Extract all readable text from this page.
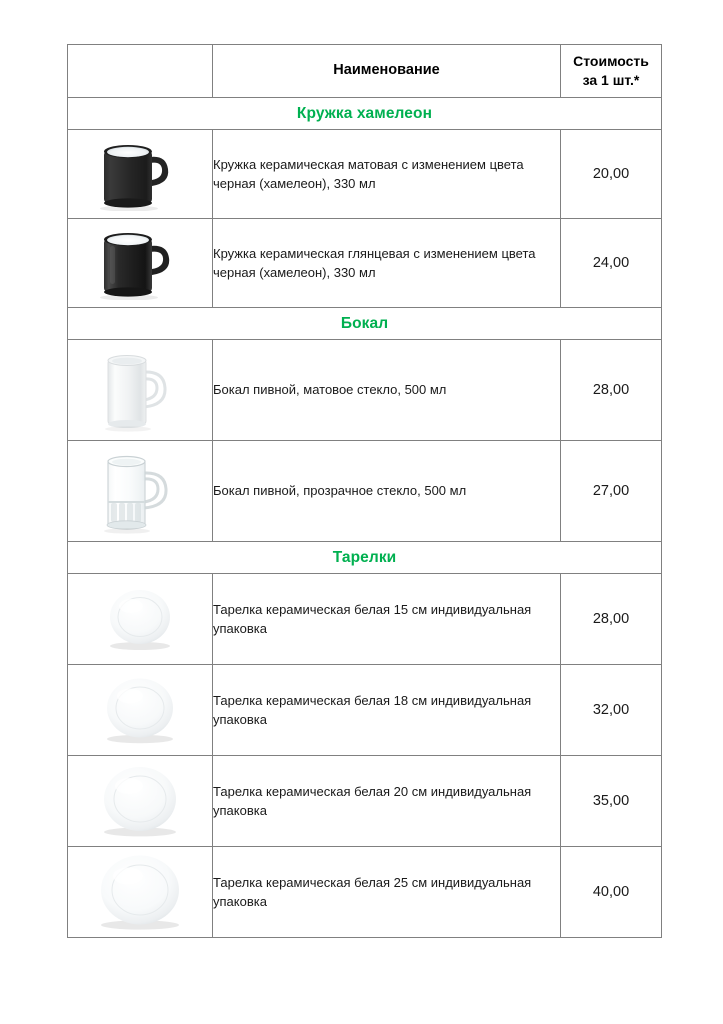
	Наименование	Стоимость
за 1 шт.*

Кружка хамелеон		

	Кружка керамическая матовая с изменением цвета черная (хамелеон), 330 мл	20,00

	Кружка керамическая глянцевая с изменением цвета черная (хамелеон), 330 мл	24,00
Бокал		

	Бокал пивной, матовое стекло, 500 мл	28,00

	Бокал пивной, прозрачное стекло, 500 мл	27,00
Тарелки		

	Тарелка керамическая белая 15 см индивидуальная упаковка	28,00

	Тарелка керамическая белая 18 см индивидуальная упаковка	32,00

	Тарелка керамическая белая 20 см индивидуальная упаковка	35,00

	Тарелка керамическая белая 25 см индивидуальная упаковка	40,00
